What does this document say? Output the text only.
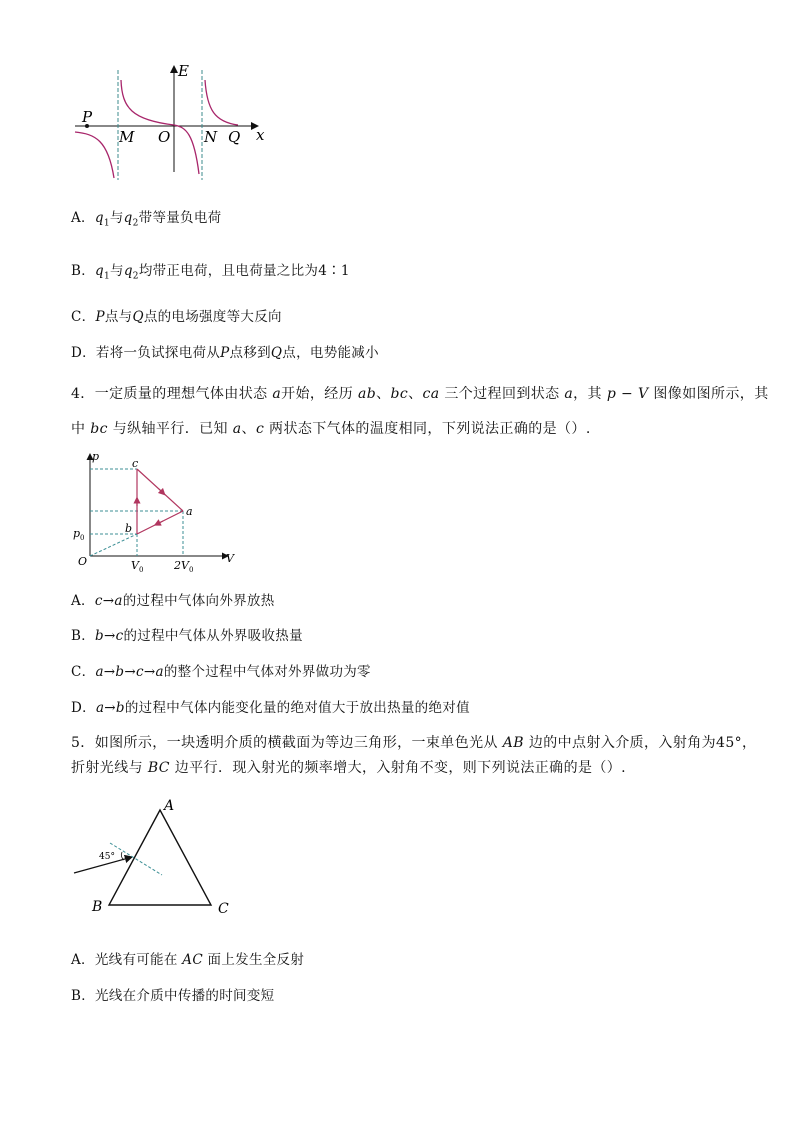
E
x
P
M O N Q
A．$q_1$与$q_2$带等量负电荷
B．$q_1$与$q_2$均带正电荷，且电荷量之比为4∶1
C．P点与Q点的电场强度等大反向
D．若将一负试探电荷从P点移到Q点，电势能减小
4．一定质量的理想气体由状态 a开始，经历 ab、bc、ca 三个过程回到状态 a，其 p − V 图像如图所示，其
中 bc 与纵轴平行．已知 a、c 两状态下气体的温度相同，下列说法正确的是（）.
p
V
O
c
a
b
$p_0$
$V_0$	$2V_0$
A．c→a的过程中气体向外界放热
B．b→c的过程中气体从外界吸收热量
C．a→b→c→a的整个过程中气体对外界做功为零
D．a→b的过程中气体内能变化量的绝对值大于放出热量的绝对值
5．如图所示，一块透明介质的横截面为等边三角形，一束单色光从 AB 边的中点射入介质，入射角为45°，
折射光线与 BC 边平行．现入射光的频率增大，入射角不变，则下列说法正确的是（）.
A
B	C
45°
A．光线有可能在 AC 面上发生全反射
B．光线在介质中传播的时间变短
